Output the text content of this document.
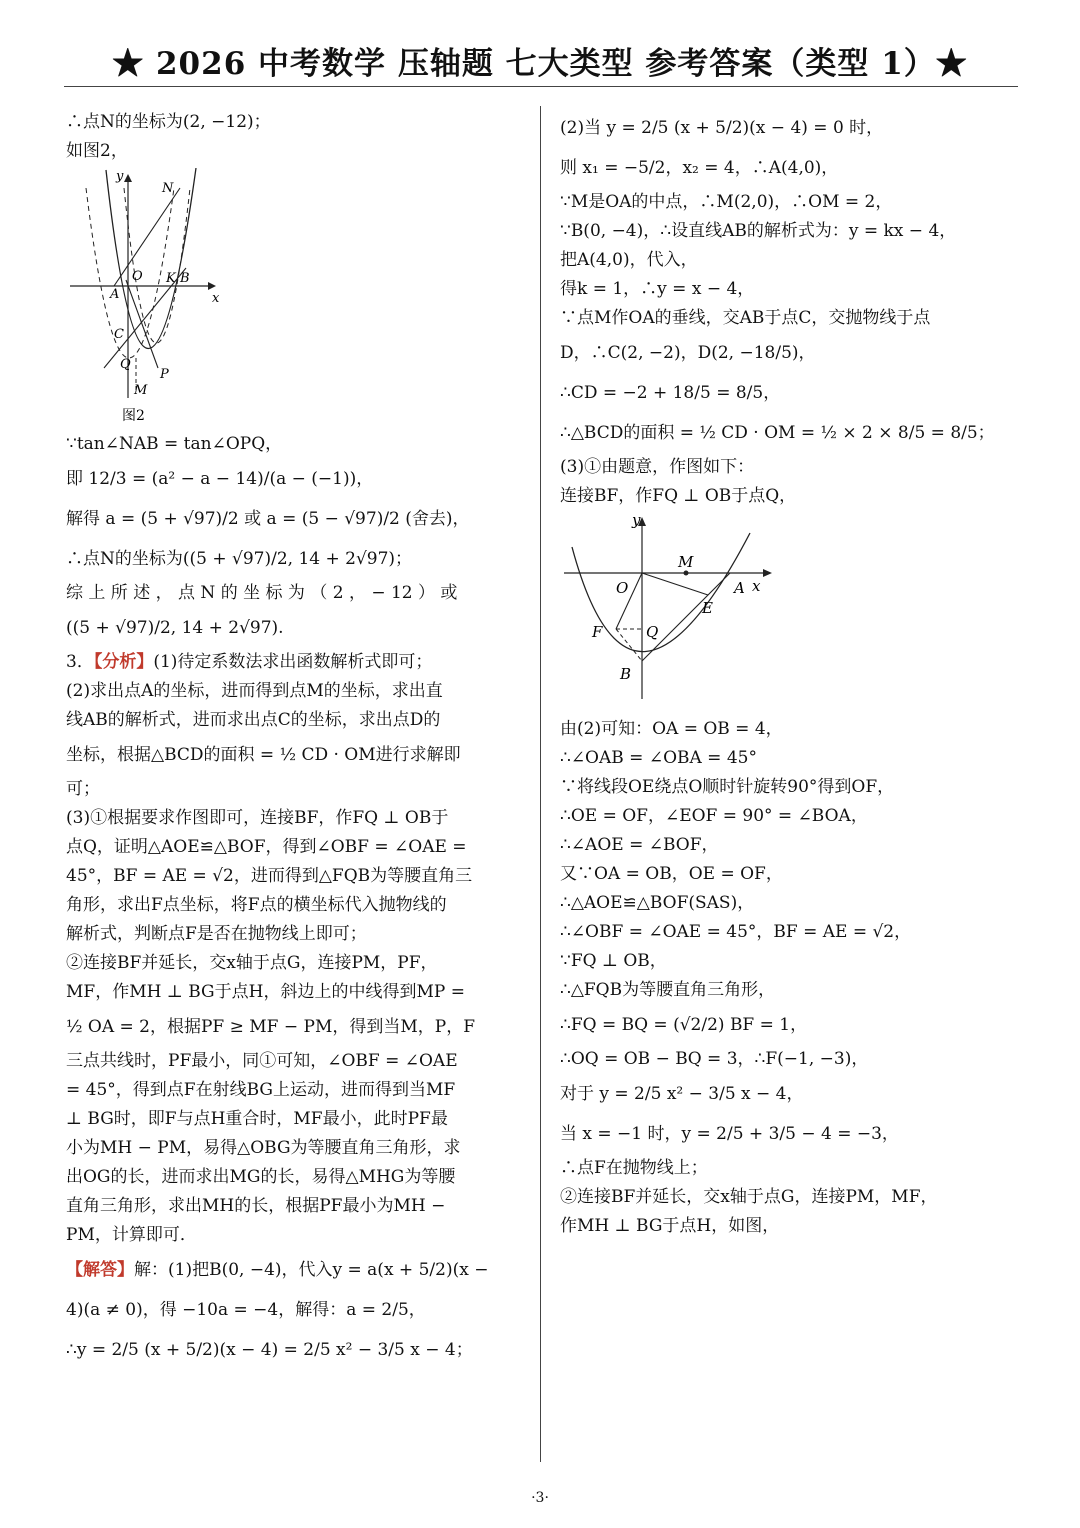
★ 2026 中考数学 压轴题 七大类型 参考答案（类型 1）★
∴点N的坐标为(2, −12)；
如图2，
y
x
N
O
A
K B
C
Q
P
M
图2
∵tan∠NAB = tan∠OPQ，
即 12/3 = (a² − a − 14)/(a − (−1))，
解得 a = (5 + √97)/2 或 a = (5 − √97)/2 (舍去)，
∴点N的坐标为((5 + √97)/2, 14 + 2√97)；
综 上 所 述 ， 点 N 的 坐 标 为 （ 2 ， − 12 ） 或
((5 + √97)/2, 14 + 2√97).
3．【分析】(1)待定系数法求出函数解析式即可；
(2)求出点A的坐标，进而得到点M的坐标，求出直
线AB的解析式，进而求出点C的坐标，求出点D的
坐标，根据△BCD的面积 = ½ CD · OM进行求解即
可；
(3)①根据要求作图即可，连接BF，作FQ ⊥ OB于
点Q，证明△AOE≌△BOF，得到∠OBF = ∠OAE =
45°，BF = AE = √2，进而得到△FQB为等腰直角三
角形，求出F点坐标，将F点的横坐标代入抛物线的
解析式，判断点F是否在抛物线上即可；
②连接BF并延长，交x轴于点G，连接PM，PF，
MF，作MH ⊥ BG于点H，斜边上的中线得到MP =
½ OA = 2，根据PF ≥ MF − PM，得到当M，P，F
三点共线时，PF最小，同①可知，∠OBF = ∠OAE
= 45°，得到点F在射线BG上运动，进而得到当MF
⊥ BG时，即F与点H重合时，MF最小，此时PF最
小为MH − PM，易得△OBG为等腰直角三角形，求
出OG的长，进而求出MG的长，易得△MHG为等腰
直角三角形，求出MH的长，根据PF最小为MH −
PM，计算即可．
【解答】解：(1)把B(0, −4)，代入y = a(x + 5/2)(x −
4)(a ≠ 0)，得 −10a = −4，解得：a = 2/5，
∴y = 2/5 (x + 5/2)(x − 4) = 2/5 x² − 3/5 x − 4；
(2)当 y = 2/5 (x + 5/2)(x − 4) = 0 时，
则 x₁ = −5/2，x₂ = 4，∴A(4,0)，
∵M是OA的中点，∴M(2,0)，∴OM = 2，
∵B(0, −4)，∴设直线AB的解析式为：y = kx − 4，
把A(4,0)，代入，
得k = 1，∴y = x − 4，
∵点M作OA的垂线，交AB于点C，交抛物线于点
D，∴C(2, −2)，D(2, −18/5)，
∴CD = −2 + 18/5 = 8/5，
∴△BCD的面积 = ½ CD · OM = ½ × 2 × 8/5 = 8/5；
(3)①由题意，作图如下：
连接BF，作FQ ⊥ OB于点Q，
y
x
M
O	A
E
F	Q
B
由(2)可知：OA = OB = 4，
∴∠OAB = ∠OBA = 45°
∵将线段OE绕点O顺时针旋转90°得到OF，
∴OE = OF，∠EOF = 90° = ∠BOA，
∴∠AOE = ∠BOF，
又∵OA = OB，OE = OF，
∴△AOE≌△BOF(SAS)，
∴∠OBF = ∠OAE = 45°，BF = AE = √2，
∵FQ ⊥ OB，
∴△FQB为等腰直角三角形，
∴FQ = BQ = (√2/2) BF = 1，
∴OQ = OB − BQ = 3，∴F(−1, −3)，
对于 y = 2/5 x² − 3/5 x − 4，
当 x = −1 时，y = 2/5 + 3/5 − 4 = −3，
∴点F在抛物线上；
②连接BF并延长，交x轴于点G，连接PM，MF，
作MH ⊥ BG于点H，如图，
·3·
